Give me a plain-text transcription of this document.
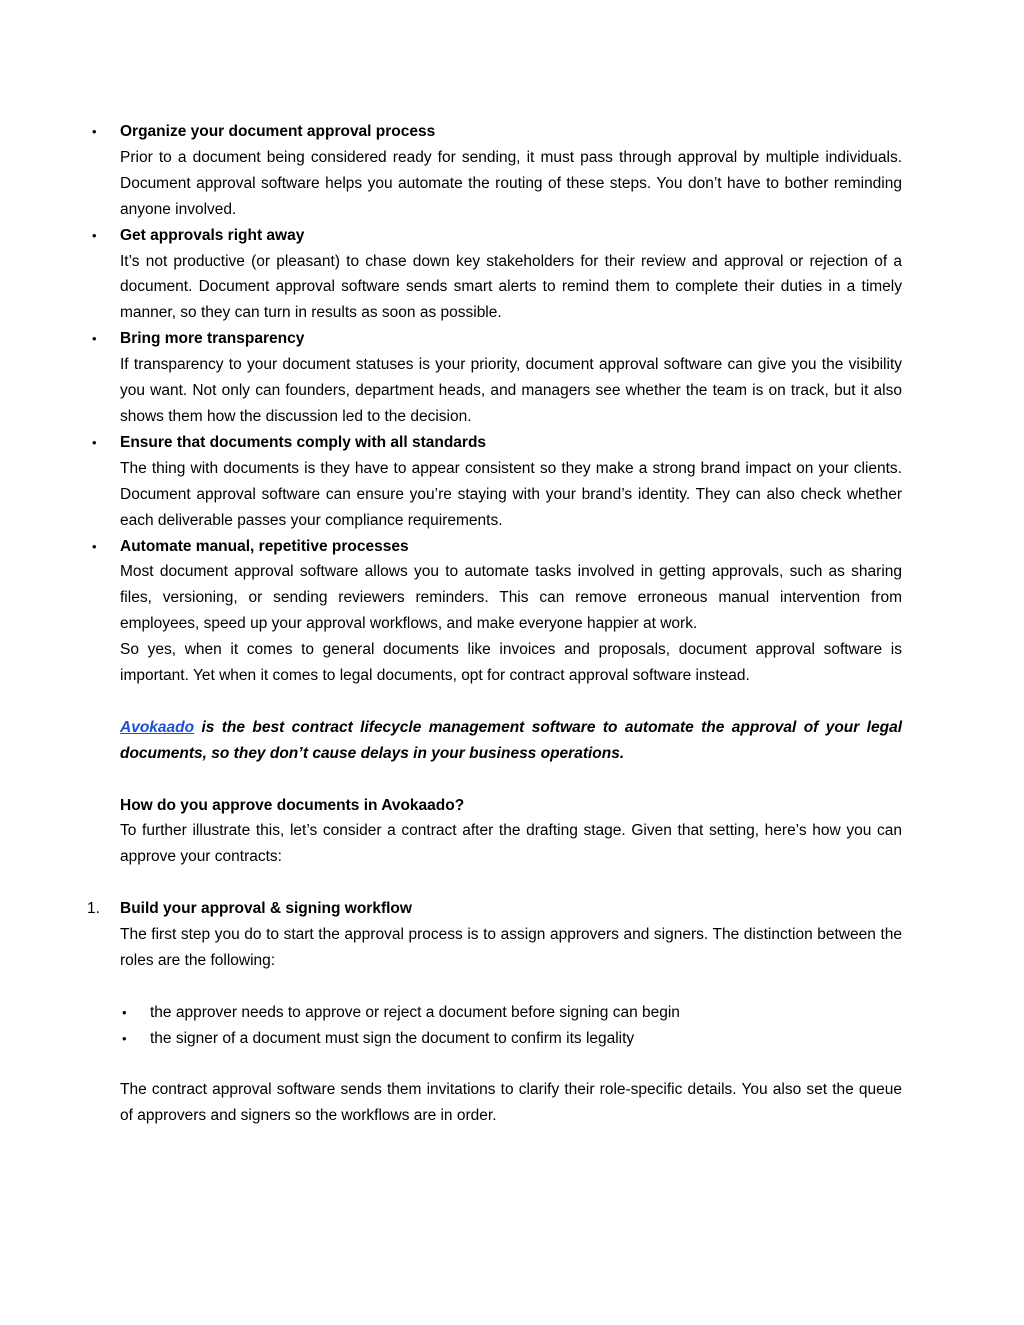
• Organize your document approval process
Prior to a document being considered ready for sending, it must pass through approval by multiple individuals. Document approval software helps you automate the routing of these steps. You don’t have to bother reminding anyone involved.
• Get approvals right away
It’s not productive (or pleasant) to chase down key stakeholders for their review and approval or rejection of a document. Document approval software sends smart alerts to remind them to complete their duties in a timely manner, so they can turn in results as soon as possible.
• Bring more transparency
If transparency to your document statuses is your priority, document approval software can give you the visibility you want. Not only can founders, department heads, and managers see whether the team is on track, but it also shows them how the discussion led to the decision.
• Ensure that documents comply with all standards
The thing with documents is they have to appear consistent so they make a strong brand impact on your clients. Document approval software can ensure you’re staying with your brand’s identity. They can also check whether each deliverable passes your compliance requirements.
• Automate manual, repetitive processes
Most document approval software allows you to automate tasks involved in getting approvals, such as sharing files, versioning, or sending reviewers reminders. This can remove erroneous manual intervention from employees, speed up your approval workflows, and make everyone happier at work.
So yes, when it comes to general documents like invoices and proposals, document approval software is important. Yet when it comes to legal documents, opt for contract approval software instead.
Avokaado is the best contract lifecycle management software to automate the approval of your legal documents, so they don’t cause delays in your business operations.
How do you approve documents in Avokaado?
To further illustrate this, let’s consider a contract after the drafting stage. Given that setting, here’s how you can approve your contracts:
1. Build your approval & signing workflow
The first step you do to start the approval process is to assign approvers and signers. The distinction between the roles are the following:
• the approver needs to approve or reject a document before signing can begin
• the signer of a document must sign the document to confirm its legality
The contract approval software sends them invitations to clarify their role-specific details. You also set the queue of approvers and signers so the workflows are in order.
